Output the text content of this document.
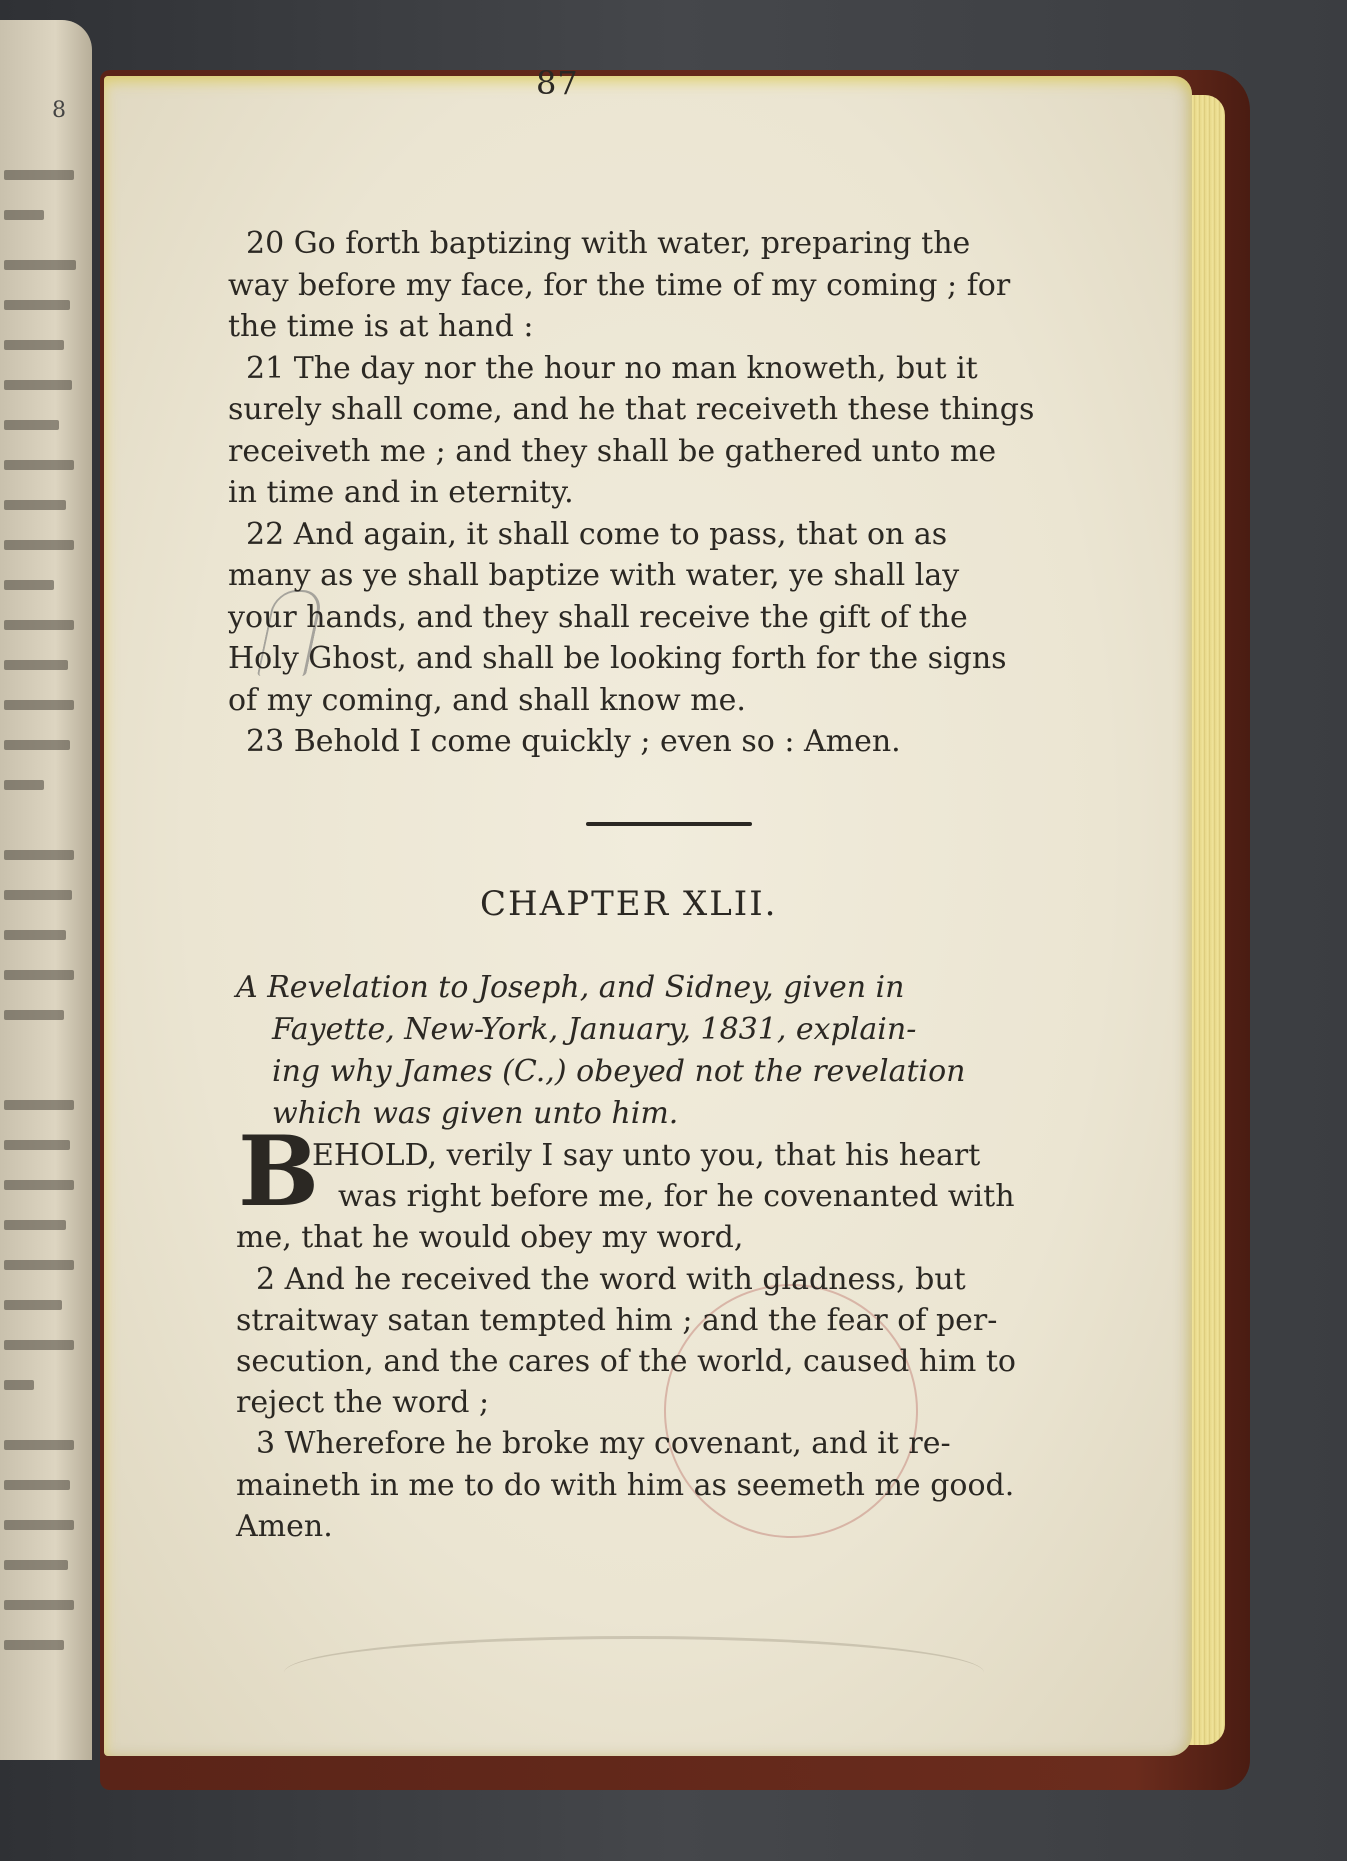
8
87
20 Go forth baptizing with water, preparing the
way before my face, for the time of my coming ; for
the time is at hand :
21 The day nor the hour no man knoweth, but it
surely shall come, and he that receiveth these things
receiveth me ; and they shall be gathered unto me
in time and in eternity.
22 And again, it shall come to pass, that on as
many as ye shall baptize with water, ye shall lay
your hands, and they shall receive the gift of the
Holy Ghost, and shall be looking forth for the signs
of my coming, and shall know me.
23 Behold I come quickly ; even so : Amen.
CHAPTER XLII.
A Revelation to Joseph, and Sidney, given in
Fayette, New-York, January, 1831, explain-
ing why James (C.,) obeyed not the revelation
which was given unto him.
B
EHOLD, verily I say unto you, that his heart
was right before me, for he covenanted with
me, that he would obey my word,
2 And he received the word with gladness, but
straitway satan tempted him ; and the fear of per-
secution, and the cares of the world, caused him to
reject the word ;
3 Wherefore he broke my covenant, and it re-
maineth in me to do with him as seemeth me good.
Amen.
